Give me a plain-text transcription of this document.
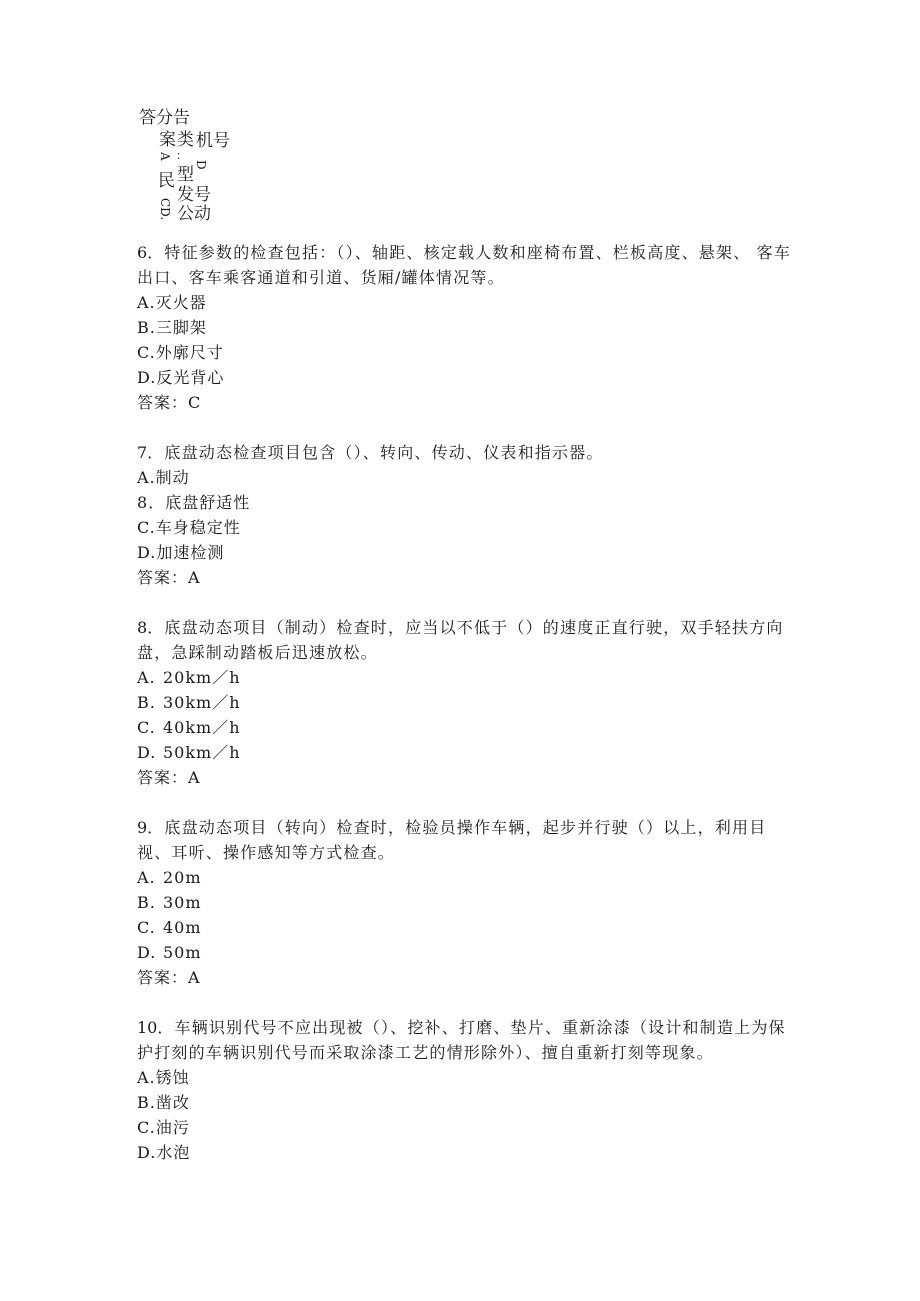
答分告
案 类 机号
：
D
A
民 型
发号
CD. 公动

6．特征参数的检查包括：（）、轴距、核定载人数和座椅布置、栏板高度、悬架、 客车出口、客车乘客通道和引道、货厢/罐体情况等。

A.灭火器

B.三脚架

C.外廓尺寸

D.反光背心

答案：C

7．底盘动态检查项目包含（）、转向、传动、仪表和指示器。

A.制动

8．底盘舒适性

C.车身稳定性

D.加速检测

答案：A

8．底盘动态项目（制动）检查时，应当以不低于（）的速度正直行驶，双手轻扶方向盘，急踩制动踏板后迅速放松。

A. 20km／h

B. 30km／h

C. 40km／h

D. 50km／h

答案：A

9．底盘动态项目（转向）检查时，检验员操作车辆，起步并行驶（）以上，利用目视、耳听、操作感知等方式检查。

A. 20m

B. 30m

C. 40m

D. 50m

答案：A

10．车辆识别代号不应出现被（）、挖补、打磨、垫片、重新涂漆（设计和制造上为保护打刻的车辆识别代号而采取涂漆工艺的情形除外）、擅自重新打刻等现象。

A.锈蚀

B.凿改

C.油污

D.水泡
